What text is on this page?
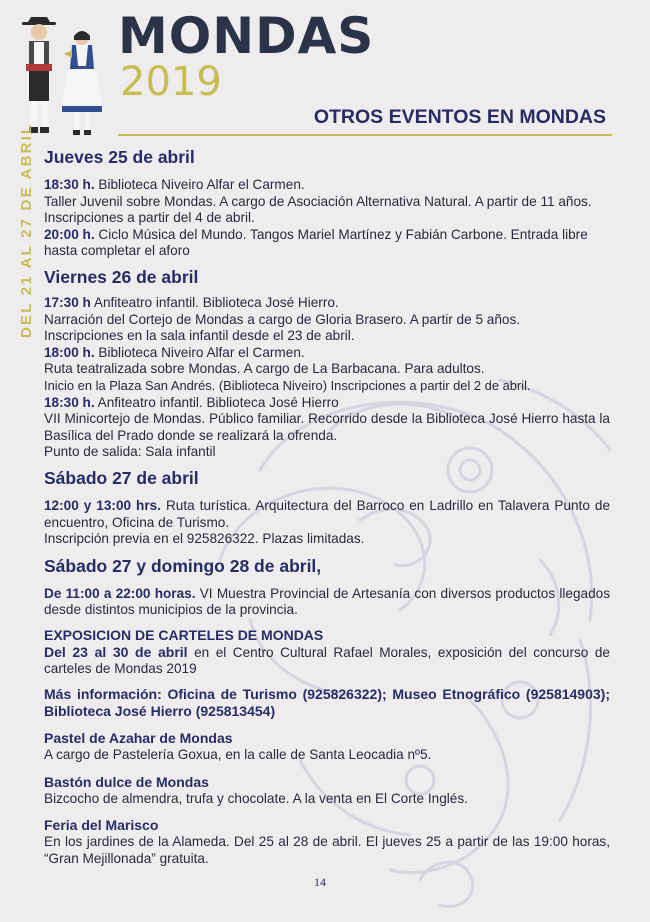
MONDAS
2019
OTROS EVENTOS EN MONDAS
DEL 21 AL 27 DE ABRIL Jueves 25 de abril

18:30 h. Biblioteca Niveiro Alfar el Carmen.

Taller Juvenil sobre Mondas. A cargo de Asociación Alternativa Natural. A partir de 11 años. Inscripciones a partir del 4 de abril.

20:00 h. Ciclo Música del Mundo. Tangos Mariel Martínez y Fabián Carbone. Entrada libre hasta completar el aforo

Viernes 26 de abril

17:30 h Anfiteatro infantil. Biblioteca José Hierro.

Narración del Cortejo de Mondas a cargo de Gloria Brasero. A partir de 5 años.

Inscripciones en la sala infantil desde el 23 de abril.

18:00 h. Biblioteca Niveiro Alfar el Carmen.

Ruta teatralizada sobre Mondas. A cargo de La Barbacana. Para adultos.

Inicio en la Plaza San Andrés. (Biblioteca Niveiro) Inscripciones a partir del 2 de abril.

18:30 h. Anfiteatro infantil. Biblioteca José Hierro

VII Minicortejo de Mondas. Público familiar. Recorrido desde la Biblioteca José Hierro hasta la Basílica del Prado donde se realizará la ofrenda.

Punto de salida: Sala infantil

Sábado 27 de abril

12:00 y 13:00 hrs. Ruta turística. Arquitectura del Barroco en Ladrillo en Talavera Punto de encuentro, Oficina de Turismo.

Inscripción previa en el 925826322. Plazas limitadas.

Sábado 27 y domingo 28 de abril,

De 11:00 a 22:00 horas. VI Muestra Provincial de Artesanía con diversos productos llegados desde distintos municipios de la provincia.

EXPOSICION DE CARTELES DE MONDAS

Del 23 al 30 de abril en el Centro Cultural Rafael Morales, exposición del concurso de carteles de Mondas 2019

Más información: Oficina de Turismo (925826322); Museo Etnográfico (925814903); Biblioteca José Hierro (925813454)

Pastel de Azahar de Mondas

A cargo de Pastelería Goxua, en la calle de Santa Leocadia nº5.

Bastón dulce de Mondas

Bizcocho de almendra, trufa y chocolate. A la venta en El Corte Inglés.

Feria del Marisco

En los jardines de la Alameda. Del 25 al 28 de abril. El jueves 25 a partir de las 19:00 horas, “Gran Mejillonada” gratuita.

14
